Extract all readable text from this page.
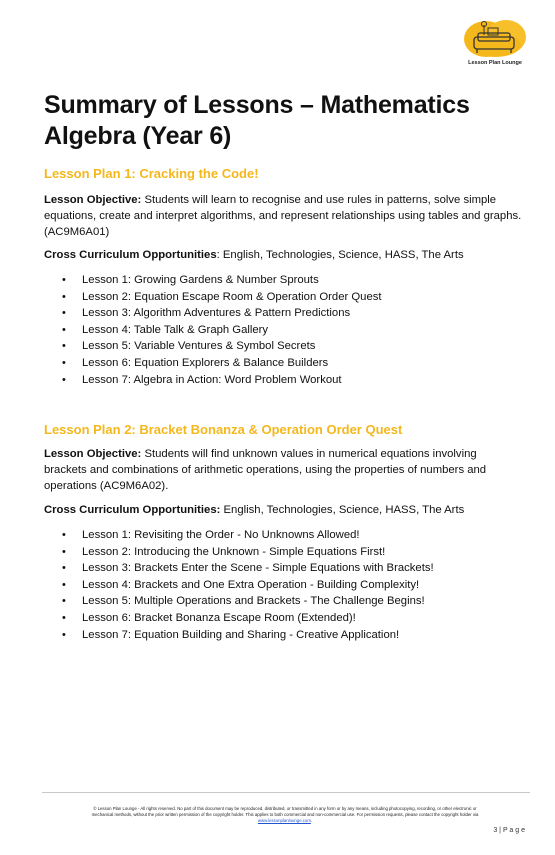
Lesson Plan Lounge
Summary of Lessons – Mathematics
Algebra (Year 6)
Lesson Plan 1: Cracking the Code!
Lesson Objective: Students will learn to recognise and use rules in patterns, solve simple equations, create and interpret algorithms, and represent relationships using tables and graphs. (AC9M6A01)
Cross Curriculum Opportunities: English, Technologies, Science, HASS, The Arts
• Lesson 1: Growing Gardens & Number Sprouts
• Lesson 2: Equation Escape Room & Operation Order Quest
• Lesson 3: Algorithm Adventures & Pattern Predictions
• Lesson 4: Table Talk & Graph Gallery
• Lesson 5: Variable Ventures & Symbol Secrets
• Lesson 6: Equation Explorers & Balance Builders
• Lesson 7: Algebra in Action: Word Problem Workout
Lesson Plan 2: Bracket Bonanza & Operation Order Quest
Lesson Objective: Students will find unknown values in numerical equations involving brackets and combinations of arithmetic operations, using the properties of numbers and operations (AC9M6A02).
Cross Curriculum Opportunities: English, Technologies, Science, HASS, The Arts
• Lesson 1: Revisiting the Order - No Unknowns Allowed!
• Lesson 2: Introducing the Unknown - Simple Equations First!
• Lesson 3: Brackets Enter the Scene - Simple Equations with Brackets!
• Lesson 4: Brackets and One Extra Operation - Building Complexity!
• Lesson 5: Multiple Operations and Brackets - The Challenge Begins!
• Lesson 6: Bracket Bonanza Escape Room (Extended)!
• Lesson 7: Equation Building and Sharing - Creative Application!
© Lesson Plan Lounge - All rights reserved. No part of this document may be reproduced, distributed, or transmitted in any form or by any means, including photocopying, recording, or other electronic or
mechanical methods, without the prior written permission of the copyright holder. This applies to both commercial and non-commercial use. For permission requests, please contact the copyright holder via
www.lessonplanlounge.com.
3 | P a g e
